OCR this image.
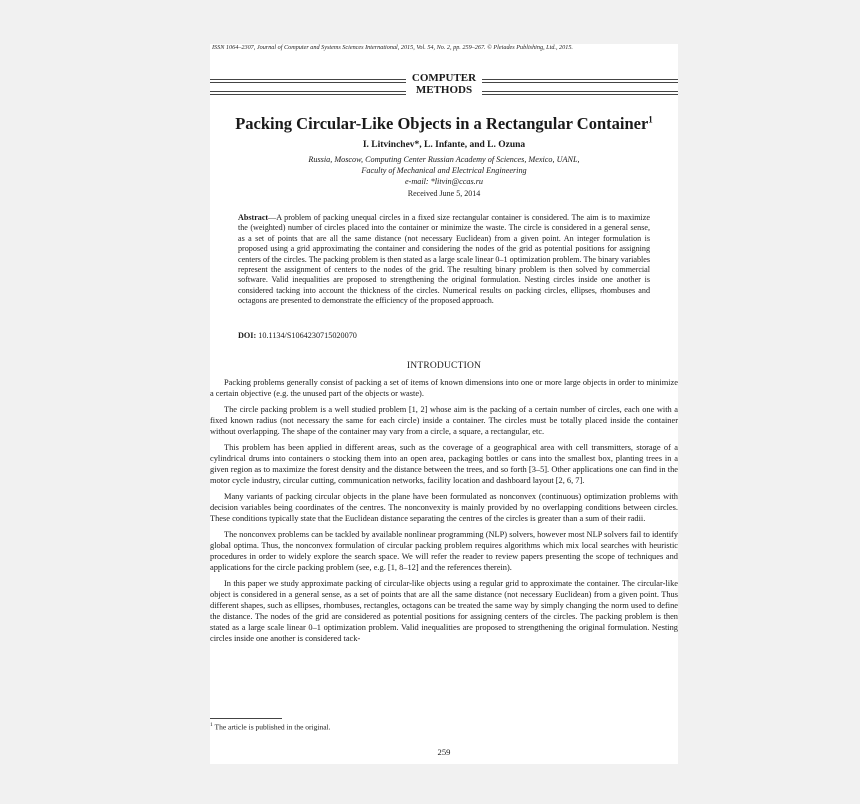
ISSN 1064–2307, Journal of Computer and Systems Sciences International, 2015, Vol. 54, No. 2, pp. 259–267. © Pleiades Publishing, Ltd., 2015.
COMPUTER
METHODS
Packing Circular-Like Objects in a Rectangular Container$^1$
I. Litvinchev*, L. Infante, and L. Ozuna
Russia, Moscow, Computing Center Russian Academy of Sciences, Mexico, UANL,
Faculty of Mechanical and Electrical Engineering
e-mail: *litvin@ccas.ru
Received June 5, 2014
Abstract—A problem of packing unequal circles in a fixed size rectangular container is considered. The aim is to maximize the (weighted) number of circles placed into the container or minimize the waste. The circle is considered in a general sense, as a set of points that are all the same distance (not necessary Euclidean) from a given point. An integer formulation is proposed using a grid approximating the container and considering the nodes of the grid as potential positions for assigning centers of the circles. The packing problem is then stated as a large scale linear 0–1 optimization problem. The binary variables represent the assignment of centers to the nodes of the grid. The resulting binary problem is then solved by commercial software. Valid inequalities are proposed to strengthening the original formulation. Nesting circles inside one another is considered tacking into account the thickness of the circles. Numerical results on packing circles, ellipses, rhombuses and octagons are presented to demonstrate the efficiency of the proposed approach.
DOI: 10.1134/S1064230715020070
INTRODUCTION

Packing problems generally consist of packing a set of items of known dimensions into one or more large objects in order to minimize a certain objective (e.g. the unused part of the objects or waste).

The circle packing problem is a well studied problem [1, 2] whose aim is the packing of a certain number of circles, each one with a fixed known radius (not necessary the same for each circle) inside a container. The circles must be totally placed inside the container without overlapping. The shape of the container may vary from a circle, a square, a rectangular, etc.

This problem has been applied in different areas, such as the coverage of a geographical area with cell transmitters, storage of a cylindrical drums into containers o stocking them into an open area, packaging bottles or cans into the smallest box, planting trees in a given region as to maximize the forest density and the distance between the trees, and so forth [3–5]. Other applications one can find in the motor cycle industry, circular cutting, communication networks, facility location and dashboard layout [2, 6, 7].

Many variants of packing circular objects in the plane have been formulated as nonconvex (continuous) optimization problems with decision variables being coordinates of the centres. The nonconvexity is mainly provided by no overlapping conditions between circles. These conditions typically state that the Euclidean distance separating the centres of the circles is greater than a sum of their radii.

The nonconvex problems can be tackled by available nonlinear programming (NLP) solvers, however most NLP solvers fail to identify global optima. Thus, the nonconvex formulation of circular packing problem requires algorithms which mix local searches with heuristic procedures in order to widely explore the search space. We will refer the reader to review papers presenting the scope of techniques and applications for the circle packing problem (see, e.g. [1, 8–12] and the references therein).

In this paper we study approximate packing of circular-like objects using a regular grid to approximate the container. The circular-like object is considered in a general sense, as a set of points that are all the same distance (not necessary Euclidean) from a given point. Thus different shapes, such as ellipses, rhombuses, rectangles, octagons can be treated the same way by simply changing the norm used to define the distance. The nodes of the grid are considered as potential positions for assigning centers of the circles. The packing problem is then stated as a large scale linear 0–1 optimization problem. Valid inequalities are proposed to strengthening the original formulation. Nesting circles inside one another is considered tack-

$^1$ The article is published in the original.
259
